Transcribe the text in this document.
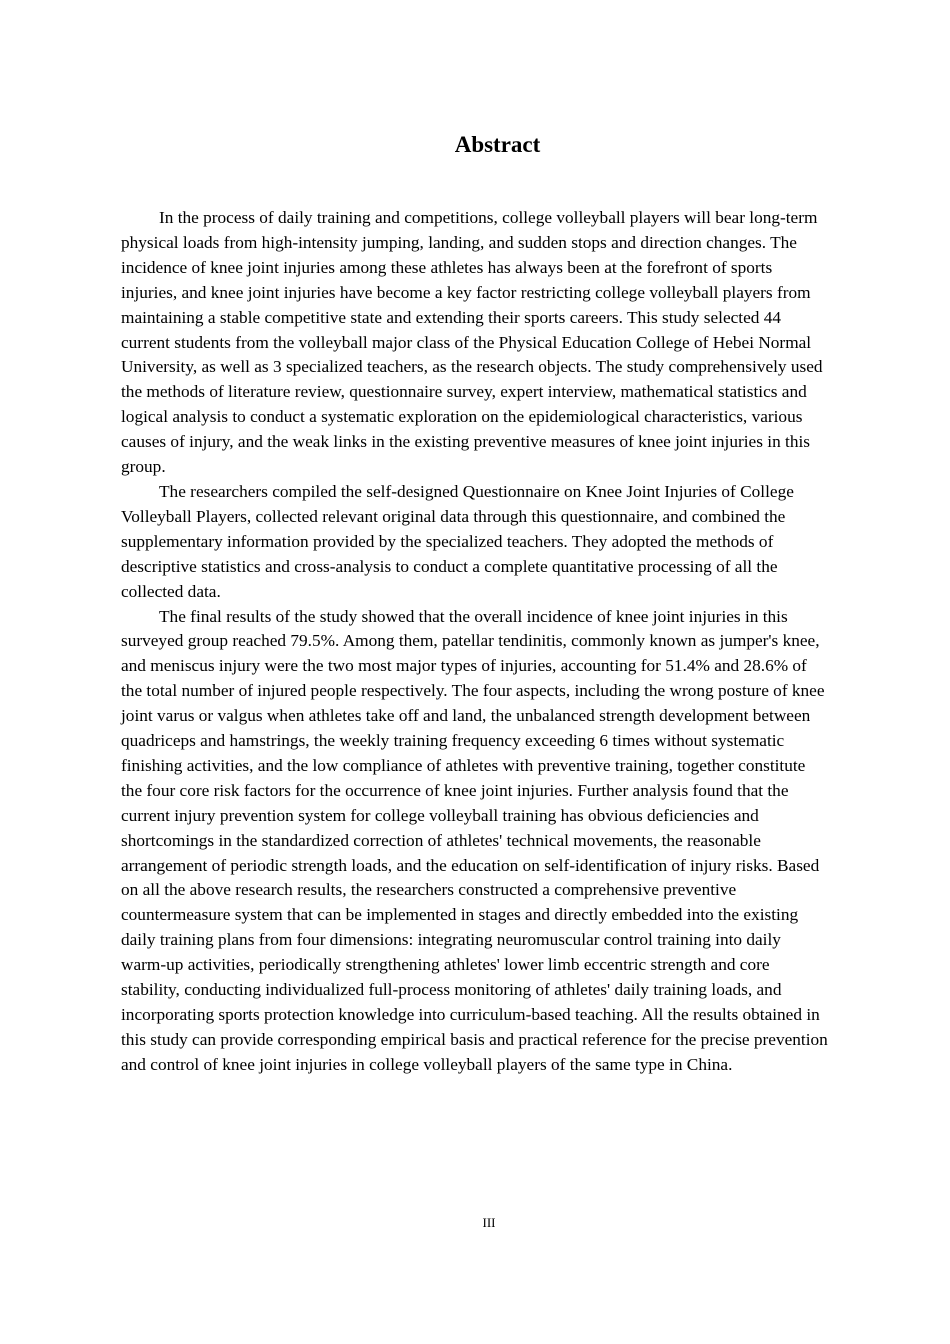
Abstract

In the process of daily training and competitions, college volleyball players will bear long-term physical loads from high-intensity jumping, landing, and sudden stops and direction changes. The incidence of knee joint injuries among these athletes has always been at the forefront of sports injuries, and knee joint injuries have become a key factor restricting college volleyball players from maintaining a stable competitive state and extending their sports careers. This study selected 44 current students from the volleyball major class of the Physical Education College of Hebei Normal University, as well as 3 specialized teachers, as the research objects. The study comprehensively used the methods of literature review, questionnaire survey, expert interview, mathematical statistics and logical analysis to conduct a systematic exploration on the epidemiological characteristics, various causes of injury, and the weak links in the existing preventive measures of knee joint injuries in this group.

The researchers compiled the self-designed Questionnaire on Knee Joint Injuries of College Volleyball Players, collected relevant original data through this questionnaire, and combined the supplementary information provided by the specialized teachers. They adopted the methods of descriptive statistics and cross-analysis to conduct a complete quantitative processing of all the collected data.

The final results of the study showed that the overall incidence of knee joint injuries in this surveyed group reached 79.5%. Among them, patellar tendinitis, commonly known as jumper's knee, and meniscus injury were the two most major types of injuries, accounting for 51.4% and 28.6% of the total number of injured people respectively. The four aspects, including the wrong posture of knee joint varus or valgus when athletes take off and land, the unbalanced strength development between quadriceps and hamstrings, the weekly training frequency exceeding 6 times without systematic finishing activities, and the low compliance of athletes with preventive training, together constitute the four core risk factors for the occurrence of knee joint injuries. Further analysis found that the current injury prevention system for college volleyball training has obvious deficiencies and shortcomings in the standardized correction of athletes' technical movements, the reasonable arrangement of periodic strength loads, and the education on self-identification of injury risks. Based on all the above research results, the researchers constructed a comprehensive preventive countermeasure system that can be implemented in stages and directly embedded into the existing daily training plans from four dimensions: integrating neuromuscular control training into daily warm-up activities, periodically strengthening athletes' lower limb eccentric strength and core stability, conducting individualized full-process monitoring of athletes' daily training loads, and incorporating sports protection knowledge into curriculum-based teaching. All the results obtained in this study can provide corresponding empirical basis and practical reference for the precise prevention and control of knee joint injuries in college volleyball players of the same type in China.

III
